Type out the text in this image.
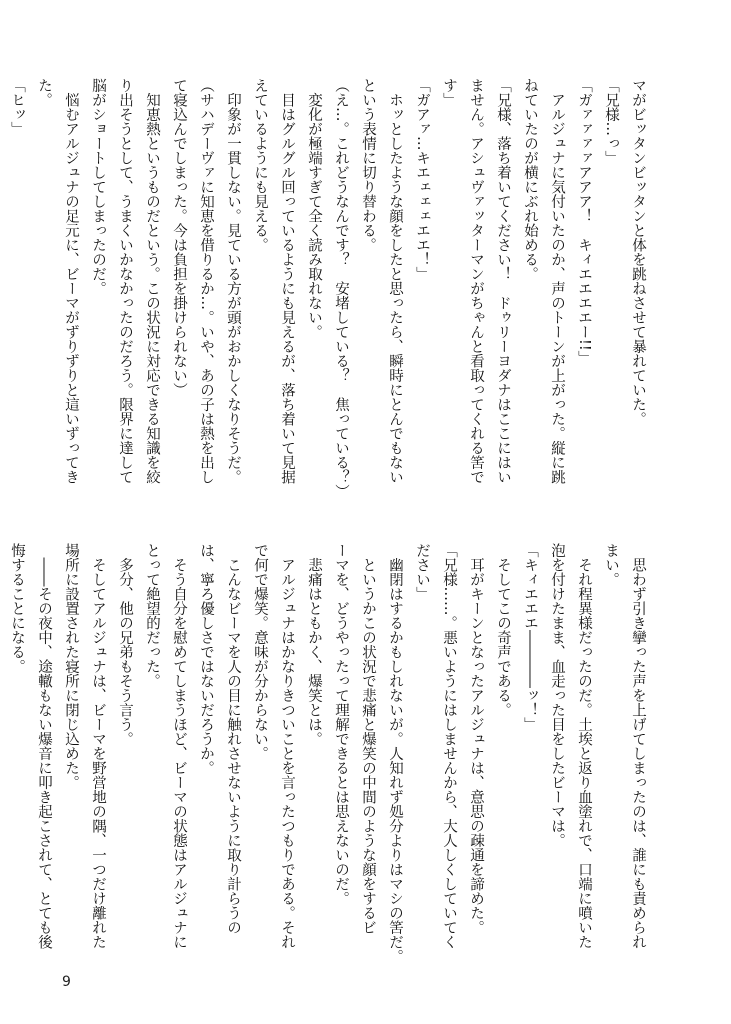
マがビッタンビッタンと体を跳ねさせて暴れていた。
「兄様…っ」
「ガァァァァアアア！　キィエエエエー!!」
　アルジュナに気付いたのか、声のトーンが上がった。縦に跳
ねていたのが横にぶれ始める。
「兄様、落ち着いてください！　ドゥリーヨダナはここにはい
ません。アシュヴァッターマンがちゃんと看取ってくれる筈で
す」
「ガアァ…キエェェェエエ！」
　ホッとしたような顔をしたと思ったら、瞬時にとんでもない
という表情に切り替わる。
（え…。これどうなんです？　安堵している？　焦っている？）
　変化が極端すぎて全く読み取れない。
　目はグルグル回っているようにも見えるが、落ち着いて見据
えているようにも見える。
　印象が一貫しない。見ている方が頭がおかしくなりそうだ。
（サハデーヴァに知恵を借りるか…。いや、あの子は熱を出し
て寝込んでしまった。今は負担を掛けられない）
　知恵熱というものだという。この状況に対応できる知識を絞
り出そうとして、うまくいかなかったのだろう。限界に達して
脳がショートしてしまったのだ。
　悩むアルジュナの足元に、ビーマがずりずりと這いずってき
た。
「ヒッ」
　思わず引き攣った声を上げてしまったのは、誰にも責められ
まい。
　それ程異様だったのだ。土埃と返り血塗れで、口端に噴いた
泡を付けたまま、血走った目をしたビーマは。
「キィエエエ――――ッ！」
　そしてこの奇声である。
　耳がキーンとなったアルジュナは、意思の疎通を諦めた。
「兄様……。悪いようにはしませんから、大人しくしていてく
ださい」
　幽閉はするかもしれないが。人知れず処分よりはマシの筈だ。
　というかこの状況で悲痛と爆笑の中間のような顔をするビ
ーマを、どうやったって理解できるとは思えないのだ。
　悲痛はともかく、爆笑とは。
　アルジュナはかなりきついことを言ったつもりである。それ
で何で爆笑。意味が分からない。
　こんなビーマを人の目に触れさせないように取り計らうの
は、寧ろ優しさではないだろうか。
　そう自分を慰めてしまうほど、ビーマの状態はアルジュナに
とって絶望的だった。
　多分、他の兄弟もそう言う。
　そしてアルジュナは、ビーマを野営地の隅、一つだけ離れた
場所に設置された寝所に閉じ込めた。
　――その夜中、途轍もない爆音に叩き起こされて、とても後
悔することになる。
9
